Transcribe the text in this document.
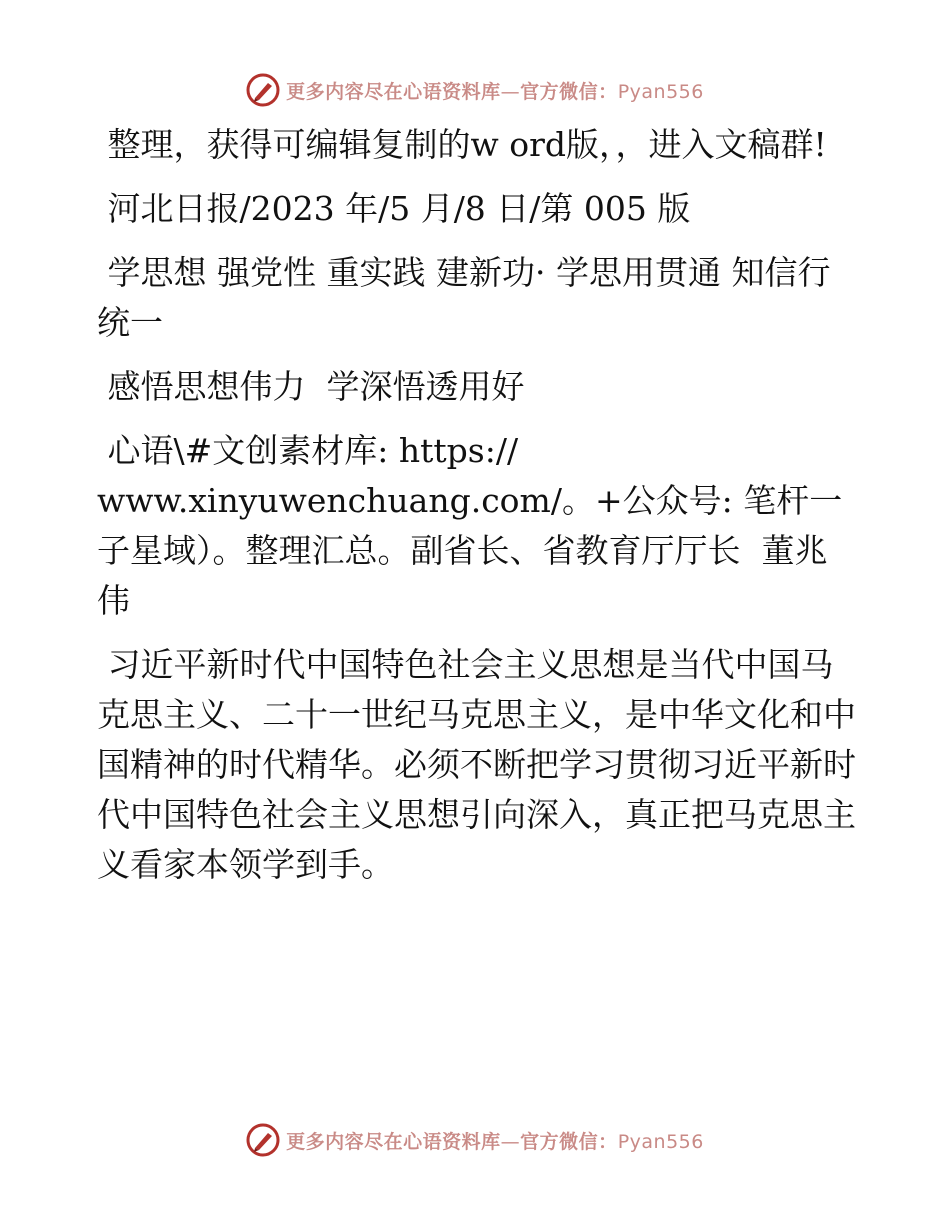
更多内容尽在心语资料库—官方微信：Pyan556

整理，获得可编辑复制的w ord版，，进入文稿群!

河北日报/2023 年/5 月/8 日/第 005 版

学思想 强党性 重实践 建新功· 学思用贯通 知信行统一

感悟思想伟力  学深悟透用好

心语\#文创素材库: https://
www.xinyuwenchuang.com/。+公众号: 笔杆一子星域）。整理汇总。副省长、省教育厅厅长  董兆伟

习近平新时代中国特色社会主义思想是当代中国马克思主义、二十一世纪马克思主义，是中华文化和中国精神的时代精华。必须不断把学习贯彻习近平新时代中国特色社会主义思想引向深入，真正把马克思主义看家本领学到手。

更多内容尽在心语资料库—官方微信：Pyan556
